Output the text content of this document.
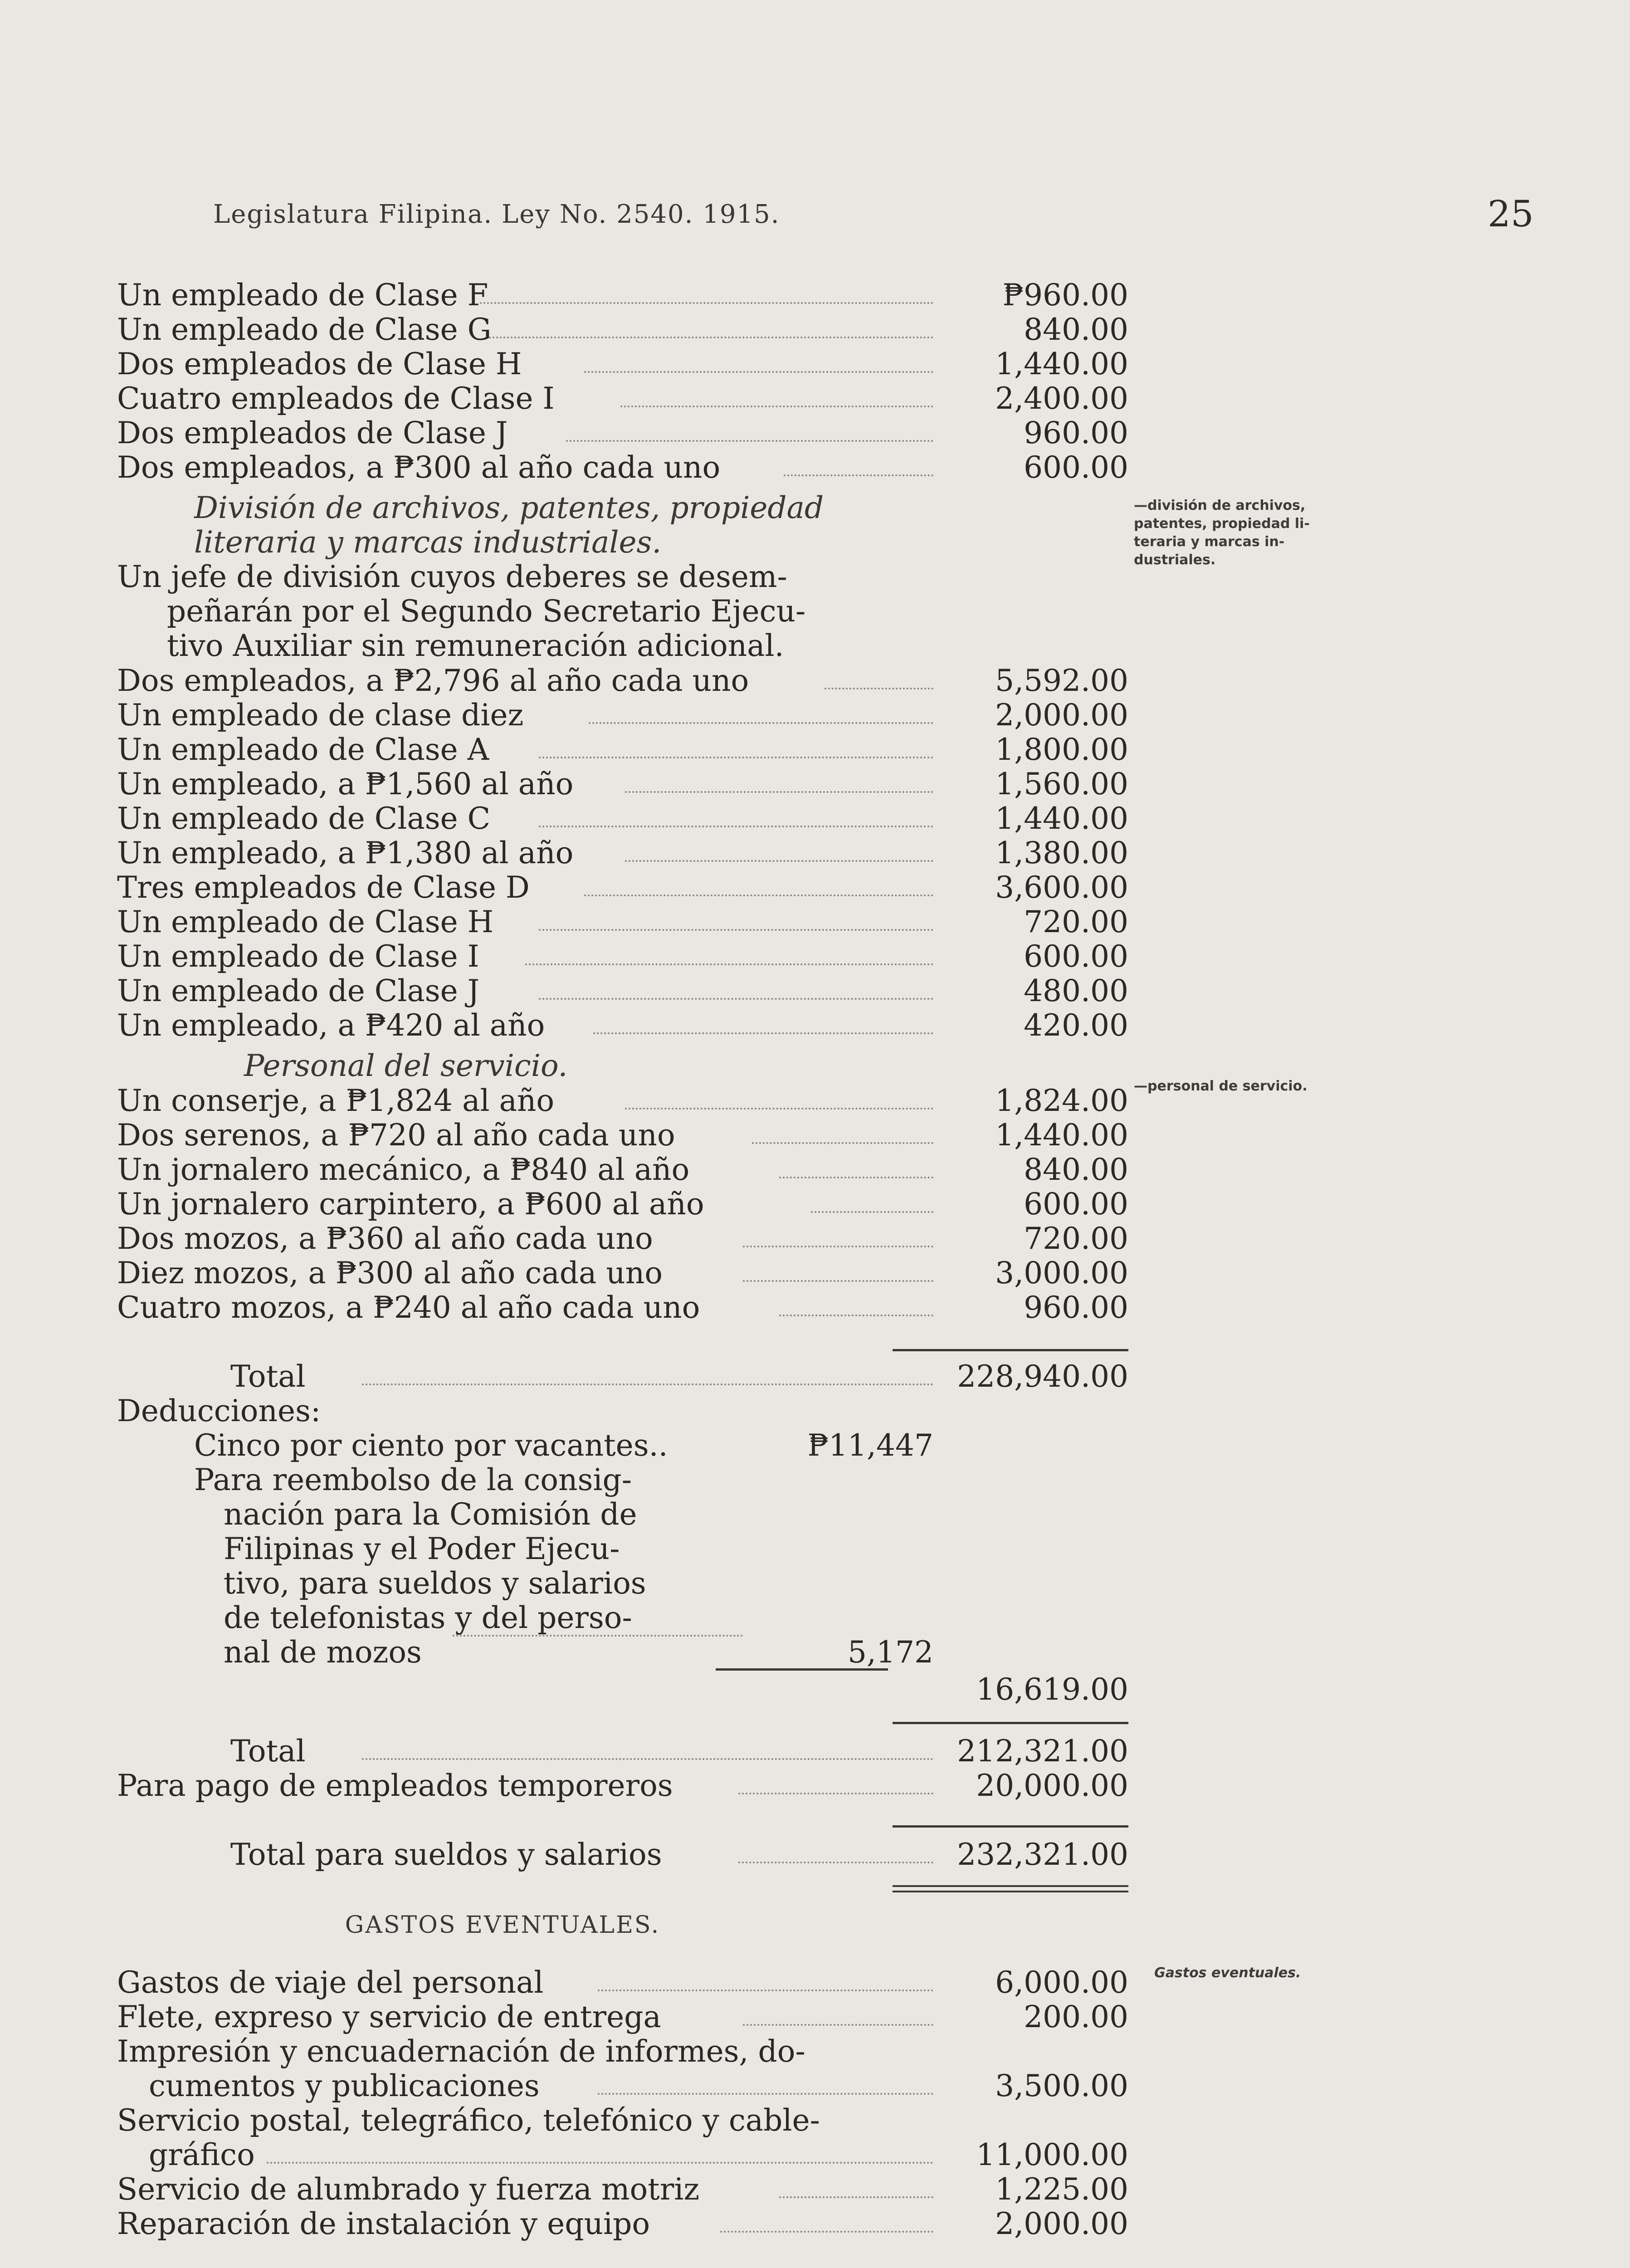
Legislatura Filipina. Ley No. 2540. 1915.	25
Un empleado de Clase F	₱960.00
Un empleado de Clase G	840.00
Dos empleados de Clase H	1,440.00
Cuatro empleados de Clase I	2,400.00
Dos empleados de Clase J	960.00
Dos empleados, a ₱300 al año cada uno	600.00
División de archivos, patentes, propiedad
literaria y marcas industriales.
Un jefe de división cuyos deberes se desem-
peñarán por el Segundo Secretario Ejecu-
tivo Auxiliar sin remuneración adicional.
Dos empleados, a ₱2,796 al año cada uno	5,592.00
Un empleado de clase diez	2,000.00
Un empleado de Clase A	1,800.00
Un empleado, a ₱1,560 al año	1,560.00
Un empleado de Clase C	1,440.00
Un empleado, a ₱1,380 al año	1,380.00
Tres empleados de Clase D	3,600.00
Un empleado de Clase H	720.00
Un empleado de Clase I	600.00
Un empleado de Clase J	480.00
Un empleado, a ₱420 al año	420.00
Personal del servicio.
Un conserje, a ₱1,824 al año	1,824.00
Dos serenos, a ₱720 al año cada uno	1,440.00
Un jornalero mecánico, a ₱840 al año	840.00
Un jornalero carpintero, a ₱600 al año	600.00
Dos mozos, a ₱360 al año cada uno	720.00
Diez mozos, a ₱300 al año cada uno	3,000.00
Cuatro mozos, a ₱240 al año cada uno	960.00
Total	228,940.00
Deducciones:
Cinco por ciento por vacantes..	₱11,447
Para reembolso de la consig-
nación para la Comisión de
Filipinas y el Poder Ejecu-
tivo, para sueldos y salarios
de telefonistas y del perso-
nal de mozos	5,172
16,619.00
Total	212,321.00
Para pago de empleados temporeros	20,000.00
Total para sueldos y salarios	232,321.00
GASTOS EVENTUALES.
Gastos de viaje del personal	6,000.00
Flete, expreso y servicio de entrega	200.00
Impresión y encuadernación de informes, do-
cumentos y publicaciones	3,500.00
Servicio postal, telegráfico, telefónico y cable-
gráfico	11,000.00
Servicio de alumbrado y fuerza motriz	1,225.00
Reparación de instalación y equipo	2,000.00
—división de archivos,
patentes, propiedad li-
teraria y marcas in-
dustriales.
—personal de servicio.
Gastos eventuales.
